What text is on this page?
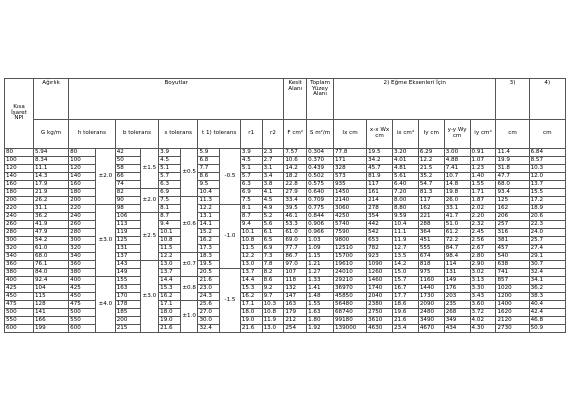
Kısa İşaret NPI	Ağırlık	Boyutlar										Kesit Alanı	Toplam Yüzey Alanı	2) Eğme Eksenleri İçin						3)	4)
	G kg/m	h tolerans		b tolerans		s tolerans		t 1) tolerans		r1	r2	F cm²	S m²/m	Ix cm	x-x Wx cm	ix cm⁴	Iy cm	y-y Wy cm	iy cm⁴	cm	cm
80	5.94	80	±2.0	42	±1.5	3.9	±0.5	5.9	-0.5	3.9	2.3	7.57	0.304	77.8	19.5	3.20	6.29	3.00	0.91	11.4	6.84
100	8.34	100		50		4.5		6.8		4.5	2.7	10.6	0.370	171	34.2	4.01	12.2	4.88	1.07	19.9	8.57
120	11.1	120		58		5.1		7.7		5.1	3.1	14.2	0.439	328	45.7	4.81	21.5	7.41	1.23	31.8	10.3
140	14.3	140		66		5.7		8.6		5.7	3.4	18.2	0.502	573	81.9	5.61	35.2	10.7	1.40	47.7	12.0
160	17.9	160		74		6.3		9.5		6.3	3.8	22.8	0.575	935	117	6.40	54.7	14.8	1.55	68.0	13.7
180	21.9	180		82	±2.0	6.9		10.4		6.9	4.1	27.9	0.640	1450	161	7.20	81.3	19.8	1.71	93.4	15.5
200	26.2	200		90		7.5	±0.6	11.3		7.5	4.5	33.4	0.709	2140	214	8.00	117	26.0	1.87	125	17.2
220	31.1	220	±3.0	98		8.1		12.2	-1.0	8.1	4.9	39.5	0.775	3060	278	8.80	162	33.1	2.02	162	18.9
240	36.2	240		106	±2.5	8.7		13.1		8.7	5.2	46.1	0.844	4250	354	9.59	221	41.7	2.20	206	20.6
260	41.9	260		113		9.4		14.1		9.4	5.6	53.3	0.906	5740	442	10.4	288	51.0	2.32	257	22.3
280	47.9	280		119		10.1		15.2		10.1	6.1	61.0	0.966	7590	542	11.1	364	61.2	2.45	316	24.0
300	54.2	300		125		10.8		16.2		10.8	6.5	69.0	1.03	9800	653	11.9	451	72.2	2.56	381	25.7
320	61.0	320		131		11.5		17.3		11.5	6.9	77.7	1.09	12510	782	12.7	555	84.7	2.67	457	27.4
340	68.0	340		137		12.2	±0.7	18.3		12.2	7.3	86.7	1.15	15700	923	13.5	674	98.4	2.80	540	29.1
360	76.1	360		143	±3.0	13.0		19.5		13.0	7.8	97.0	1.21	19610	1090	14.2	818	114	2.90	638	30.7
380	84.0	380		149		13.7		20.5	-1.5	13.7	8.2	107	1.27	24010	1260	15.0	975	131	3.02	741	32.4
400	92.4	400	±4.0	155		14.4	±0.8	21.6		14.4	8.6	118	1.33	29210	1460	15.7	1160	149	3.13	857	34.1
425	104	425		163		15.3		23.0		15.3	9.2	132	1.41	36970	1740	16.7	1440	176	3.30	1020	36.2
450	115	450		170		16.2		24.3		16.2	9.7	147	1.48	45850	2040	17.7	1730	203	3.43	1200	38.3
475	128	475		178		17.1	±1.0	25.6		17.1	10.3	163	1.55	56480	2380	18.6	2090	235	3.60	1400	40.4
500	141	500		185		18.0		27.0		18.0	10.8	179	1.63	68740	2750	19.6	2480	268	3.72	1620	42.4
550	166	550		200		19.0		30.0		19.0	11.9	212	1.80	99180	3610	21.6	3490	349	4.02	2120	46.8
600	199	600		215		21.6		32.4		21.6	13.0	254	1.92	139000	4630	23.4	4670	434	4.30	2730	50.9
